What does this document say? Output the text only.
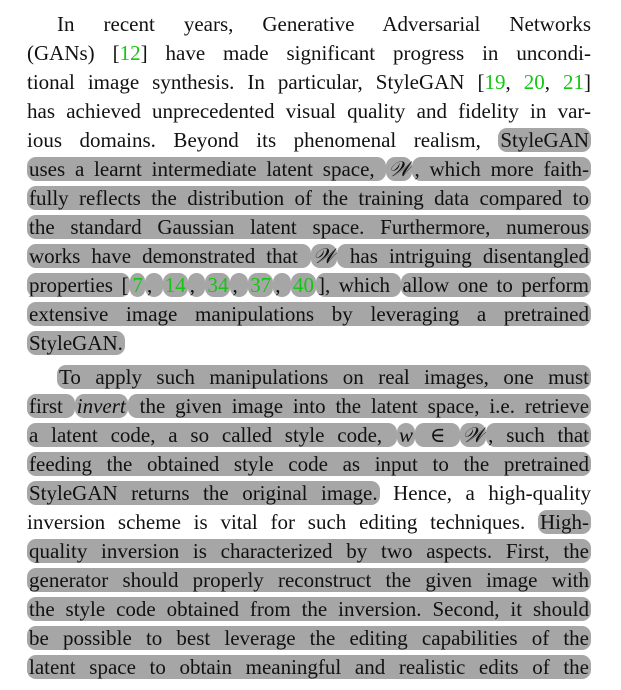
In recent years, Generative Adversarial Networks
(GANs) [12] have made significant progress in uncondi-
tional image synthesis. In particular, StyleGAN [19, 20, 21]
has achieved unprecedented visual quality and fidelity in var-
ious domains. Beyond its phenomenal realism, StyleGAN
uses a learnt intermediate latent space, 𝒲 , which more faith-
fully reflects the distribution of the training data compared to
the standard Gaussian latent space. Furthermore, numerous
works have demonstrated that 𝒲 has intriguing disentangled
properties [ 7 , 14 , 34 , 37 , 40 ], which allow one to perform
extensive image manipulations by leveraging a pretrained
StyleGAN.
To apply such manipulations on real images, one must
first invert the given image into the latent space, i.e. retrieve
a latent code, a so called style code, w ∈ 𝒲 , such that
feeding the obtained style code as input to the pretrained
StyleGAN returns the original image. Hence, a high-quality
inversion scheme is vital for such editing techniques. High-
quality inversion is characterized by two aspects. First, the
generator should properly reconstruct the given image with
the style code obtained from the inversion. Second, it should
be possible to best leverage the editing capabilities of the
latent space to obtain meaningful and realistic edits of the
